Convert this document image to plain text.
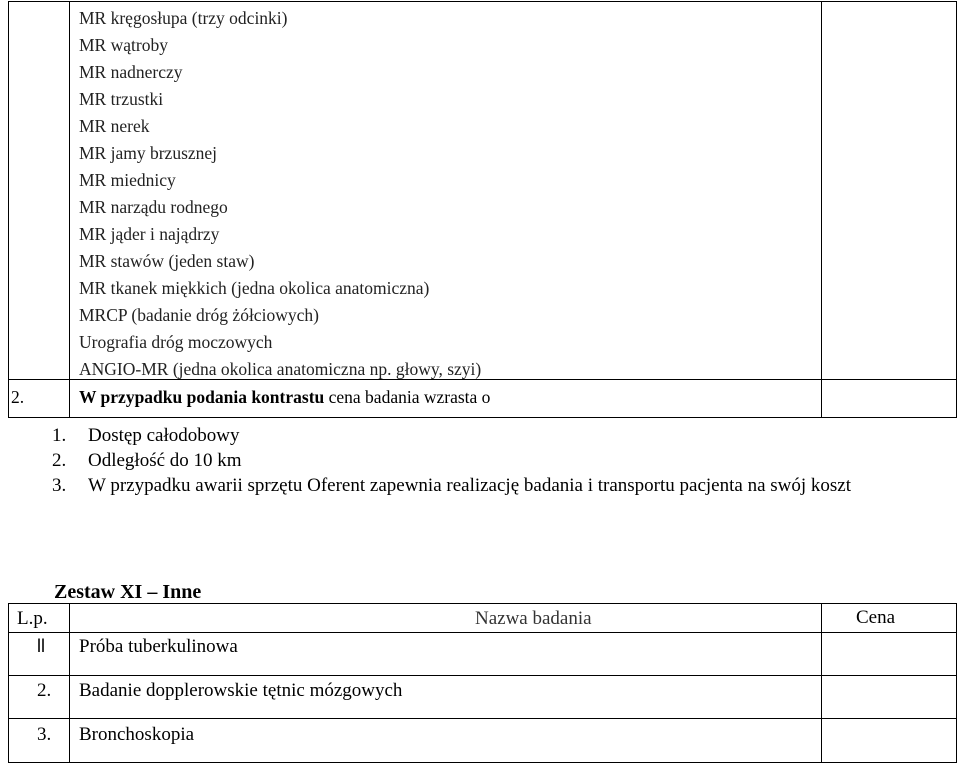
MR kręgosłupa (trzy odcinki)
MR wątroby
MR nadnerczy
MR trzustki
MR nerek
MR jamy brzusznej
MR miednicy
MR narządu rodnego
MR jąder i najądrzy
MR stawów (jeden staw)
MR tkanek miękkich (jedna okolica anatomiczna)
MRCP (badanie dróg żółciowych)
Urografia dróg moczowych
ANGIO-MR (jedna okolica anatomiczna np. głowy, szyi)
2.	W przypadku podania kontrastu cena badania wzrasta o
1. Dostęp całodobowy
2. Odległość do 10 km
3. W przypadku awarii sprzętu Oferent zapewnia realizację badania i transportu pacjenta na swój koszt
Zestaw XI – Inne
L.p.	Nazwa badania	Cena
ll Próba tuberkulinowa
2. Badanie dopplerowskie tętnic mózgowych
3. Bronchoskopia
